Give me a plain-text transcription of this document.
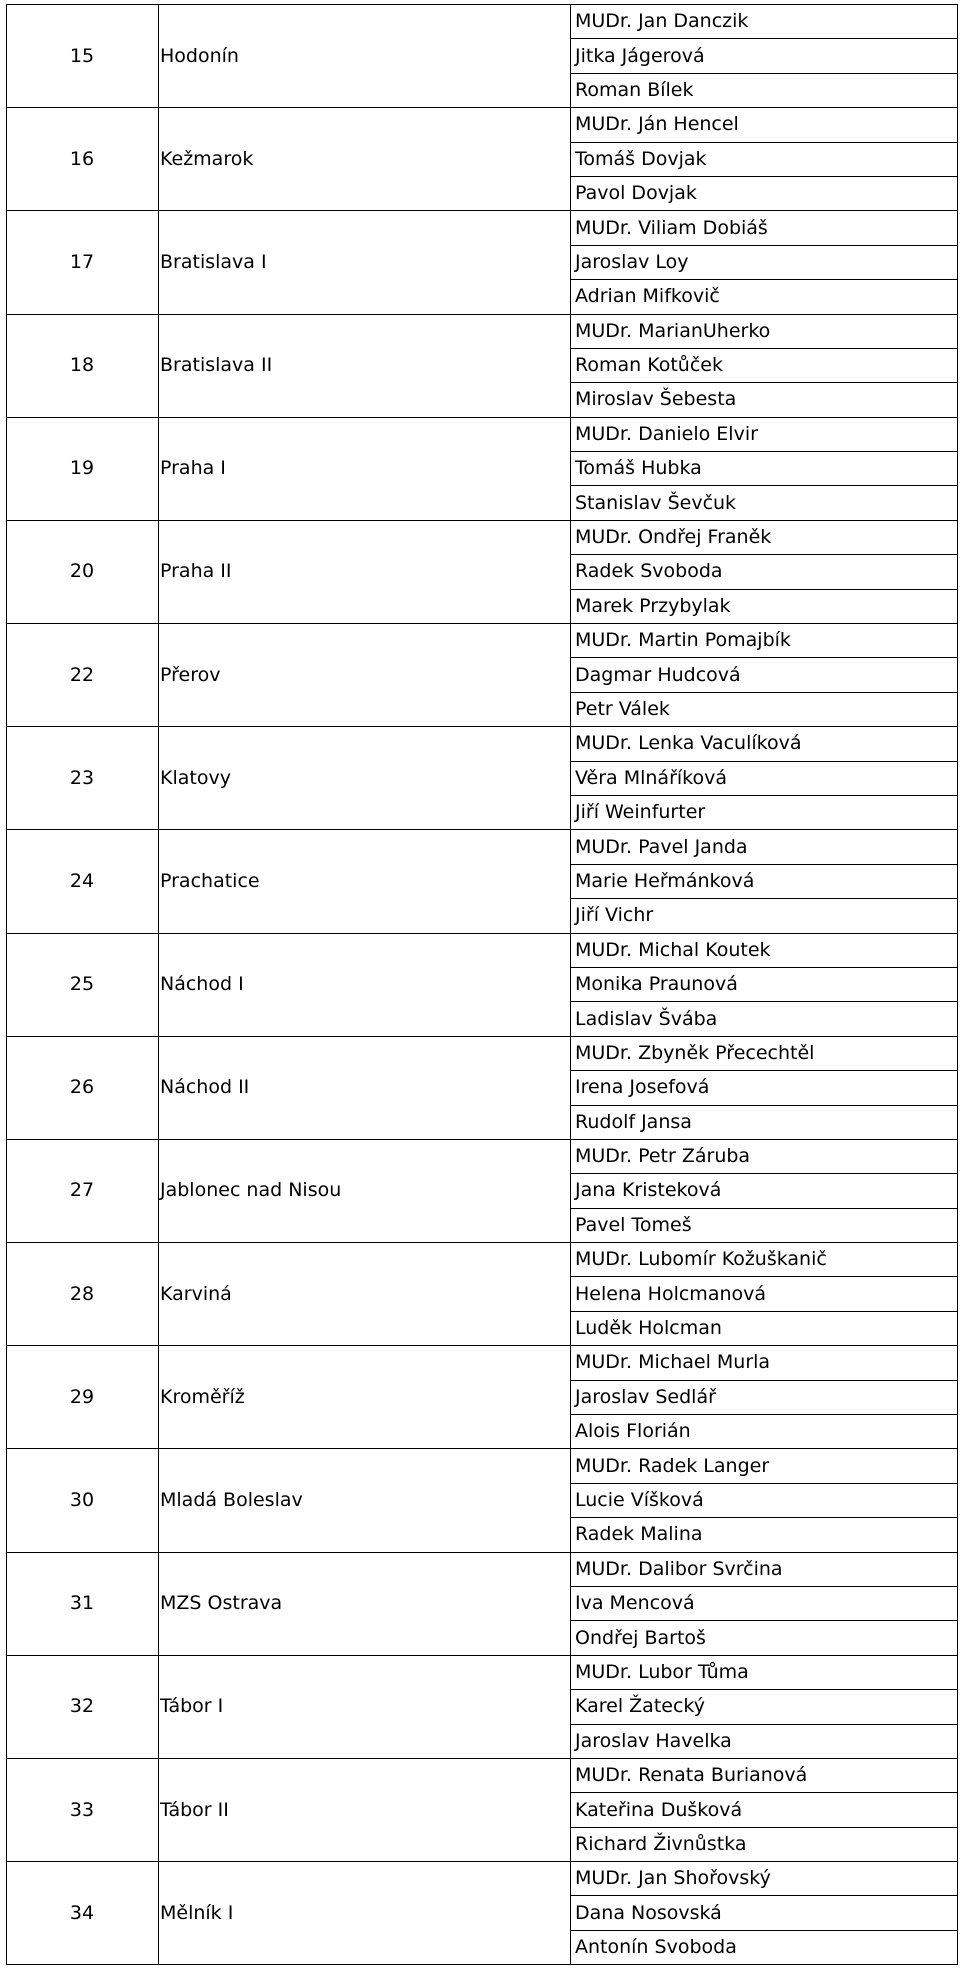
15	Hodonín	MUDr. Jan Danczik
		Jitka Jágerová
		Roman Bílek
16	Kežmarok	MUDr. Ján Hencel
		Tomáš Dovjak
		Pavol Dovjak
17	Bratislava I	MUDr. Viliam Dobiáš
		Jaroslav Loy
		Adrian Mifkovič
18	Bratislava II	MUDr. MarianUherko
		Roman Kotůček
		Miroslav Šebesta
19	Praha I	MUDr. Danielo Elvir
		Tomáš Hubka
		Stanislav Ševčuk
20	Praha II	MUDr. Ondřej Franěk
		Radek Svoboda
		Marek Przybylak
22	Přerov	MUDr. Martin Pomajbík
		Dagmar Hudcová
		Petr Válek
23	Klatovy	MUDr. Lenka Vaculíková
		Věra Mlnáříková
		Jiří Weinfurter
24	Prachatice	MUDr. Pavel Janda
		Marie Heřmánková
		Jiří Vichr
25	Náchod I	MUDr. Michal Koutek
		Monika Praunová
		Ladislav Švába
26	Náchod II	MUDr. Zbyněk Přecechtěl
		Irena Josefová
		Rudolf Jansa
27	Jablonec nad Nisou	MUDr. Petr Záruba
		Jana Kristeková
		Pavel Tomeš
28	Karviná	MUDr. Lubomír Kožuškanič
		Helena Holcmanová
		Luděk Holcman
29	Kroměříž	MUDr. Michael Murla
		Jaroslav Sedlář
		Alois Florián
30	Mladá Boleslav	MUDr. Radek Langer
		Lucie Víšková
		Radek Malina
31	MZS Ostrava	MUDr. Dalibor Svrčina
		Iva Mencová
		Ondřej Bartoš
32	Tábor I	MUDr. Lubor Tůma
		Karel Žatecký
		Jaroslav Havelka
33	Tábor II	MUDr. Renata Burianová
		Kateřina Dušková
		Richard Živnůstka
34	Mělník I	MUDr. Jan Shořovský
		Dana Nosovská
		Antonín Svoboda
